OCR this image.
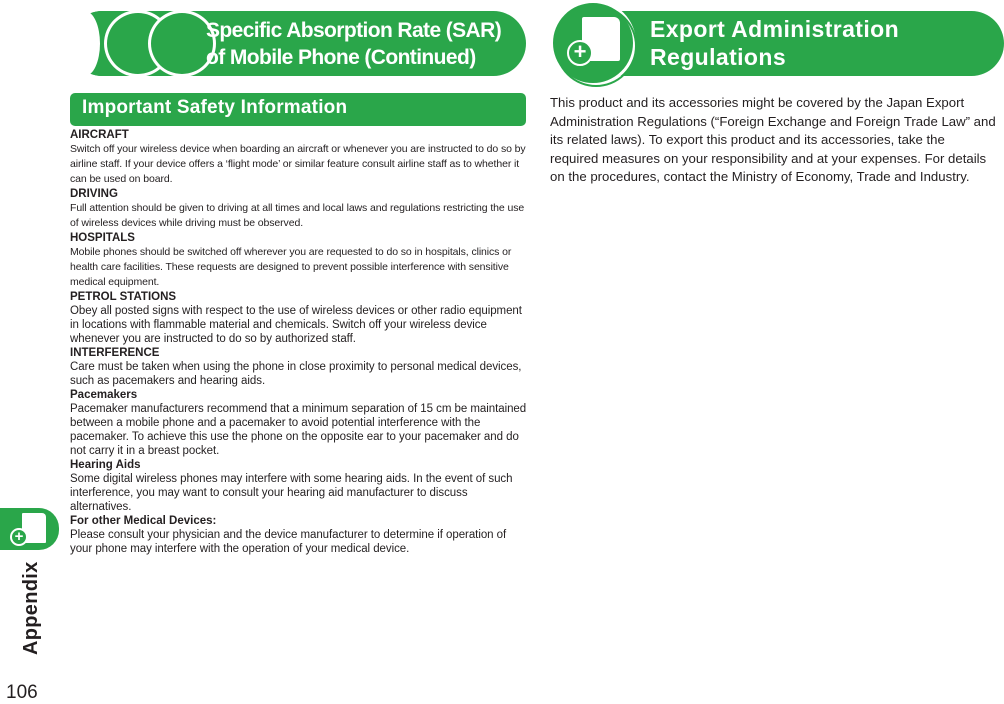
Specific Absorption Rate (SAR)
of Mobile Phone (Continued)
Important Safety Information

AIRCRAFT

Switch off your wireless device when boarding an aircraft or whenever you are instructed to do so by airline staff. If your device offers a ‘flight mode’ or similar feature consult airline staff as to whether it can be used on board.

DRIVING

Full attention should be given to driving at all times and local laws and regulations restricting the use of wireless devices while driving must be observed.

HOSPITALS

Mobile phones should be switched off wherever you are requested to do so in hospitals, clinics or health care facilities. These requests are designed to prevent possible interference with sensitive medical equipment.

PETROL STATIONS

Obey all posted signs with respect to the use of wireless devices or other radio equipment in locations with flammable material and chemicals. Switch off your wireless device whenever you are instructed to do so by authorized staff.

INTERFERENCE

Care must be taken when using the phone in close proximity to personal medical devices, such as pacemakers and hearing aids.

Pacemakers

Pacemaker manufacturers recommend that a minimum separation of 15 cm be maintained between a mobile phone and a pacemaker to avoid potential interference with the pacemaker. To achieve this use the phone on the opposite ear to your pacemaker and do not carry it in a breast pocket.

Hearing Aids

Some digital wireless phones may interfere with some hearing aids. In the event of such interference, you may want to consult your hearing aid manufacturer to discuss alternatives.

For other Medical Devices:

Please consult your physician and the device manufacturer to determine if operation of your phone may interfere with the operation of your medical device.

+
Export Administration
Regulations

This product and its accessories might be covered by the Japan Export Administration Regulations (“Foreign Exchange and Foreign Trade Law” and its related laws). To export this product and its accessories, take the required measures on your responsibility and at your expenses. For details on the procedures, contact the Ministry of Economy, Trade and Industry.

+
Appendix
106
